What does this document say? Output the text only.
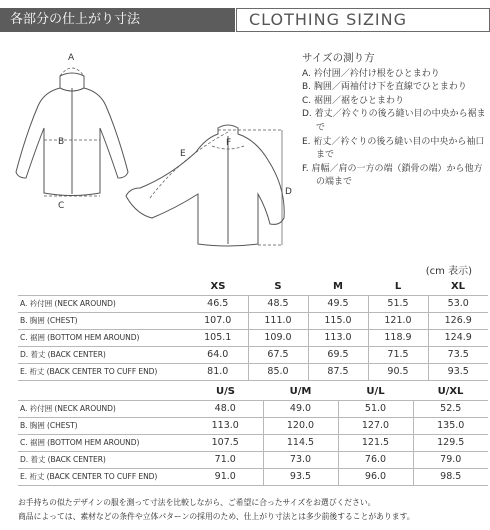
各部分の仕上がり寸法	CLOTHING SIZING
A
B
C
D
E
F
サイズの測り方
A. 衿付囲／衿付け根をひとまわり
B. 胸囲／両袖付け下を直線でひとまわり
C. 裾囲／裾をひとまわり
D. 着丈／衿ぐりの後ろ縫い目の中央から裾まで
E. 裄丈／衿ぐりの後ろ縫い目の中央から袖口まで
F. 肩幅／肩の一方の端（鎖骨の端）から他方の端まで
(cm 表示)
	XS	S	M	L	XL
A. 衿付囲 (NECK AROUND)	46.5	48.5	49.5	51.5	53.0
B. 胸囲 (CHEST)	107.0	111.0	115.0	121.0	126.9
C. 裾囲 (BOTTOM HEM AROUND)	105.1	109.0	113.0	118.9	124.9
D. 着丈 (BACK CENTER)	64.0	67.5	69.5	71.5	73.5
E. 裄丈 (BACK CENTER TO CUFF END)	81.0	85.0	87.5	90.5	93.5
	U/S	U/M	U/L	U/XL
A. 衿付囲 (NECK AROUND)	48.0	49.0	51.0	52.5
B. 胸囲 (CHEST)	113.0	120.0	127.0	135.0
C. 裾囲 (BOTTOM HEM AROUND)	107.5	114.5	121.5	129.5
D. 着丈 (BACK CENTER)	71.0	73.0	76.0	79.0
E. 裄丈 (BACK CENTER TO CUFF END)	91.0	93.5	96.0	98.5
お手持ちの似たデザインの服を測って寸法を比較しながら、ご希望に合ったサイズをお選びください。
商品によっては、素材などの条件や立体パターンの採用のため、仕上がり寸法とは多少前後することがあります。
